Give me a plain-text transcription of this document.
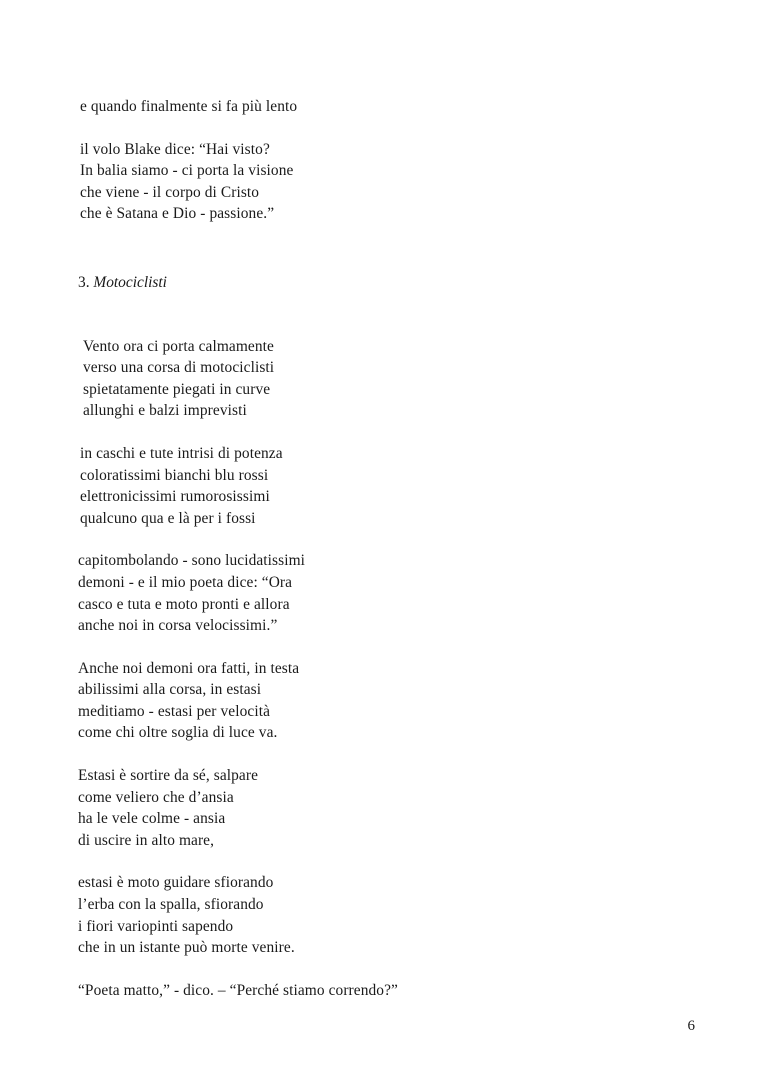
e quando finalmente si fa più lento
il volo Blake dice: “Hai visto?
In balia siamo - ci porta la visione
che viene - il corpo di Cristo
che è Satana e Dio - passione.”
3. Motociclisti
Vento ora ci porta calmamente
verso una corsa di motociclisti
spietatamente piegati in curve
allunghi e balzi imprevisti
in caschi e tute intrisi di potenza
coloratissimi bianchi blu rossi
elettronicissimi rumorosissimi
qualcuno qua e là per i fossi
capitombolando - sono lucidatissimi
demoni - e il mio poeta dice: “Ora
casco e tuta e moto pronti e allora
anche noi in corsa velocissimi.”
Anche noi demoni ora fatti, in testa
abilissimi alla corsa, in estasi
meditiamo - estasi per velocità
come chi oltre soglia di luce va.
Estasi è sortire da sé, salpare
come veliero che d’ansia
ha le vele colme - ansia
di uscire in alto mare,
estasi è moto guidare sfiorando
l’erba con la spalla, sfiorando
i fiori variopinti sapendo
che in un istante può morte venire.
“Poeta matto,” - dico. – “Perché stiamo correndo?”
6
